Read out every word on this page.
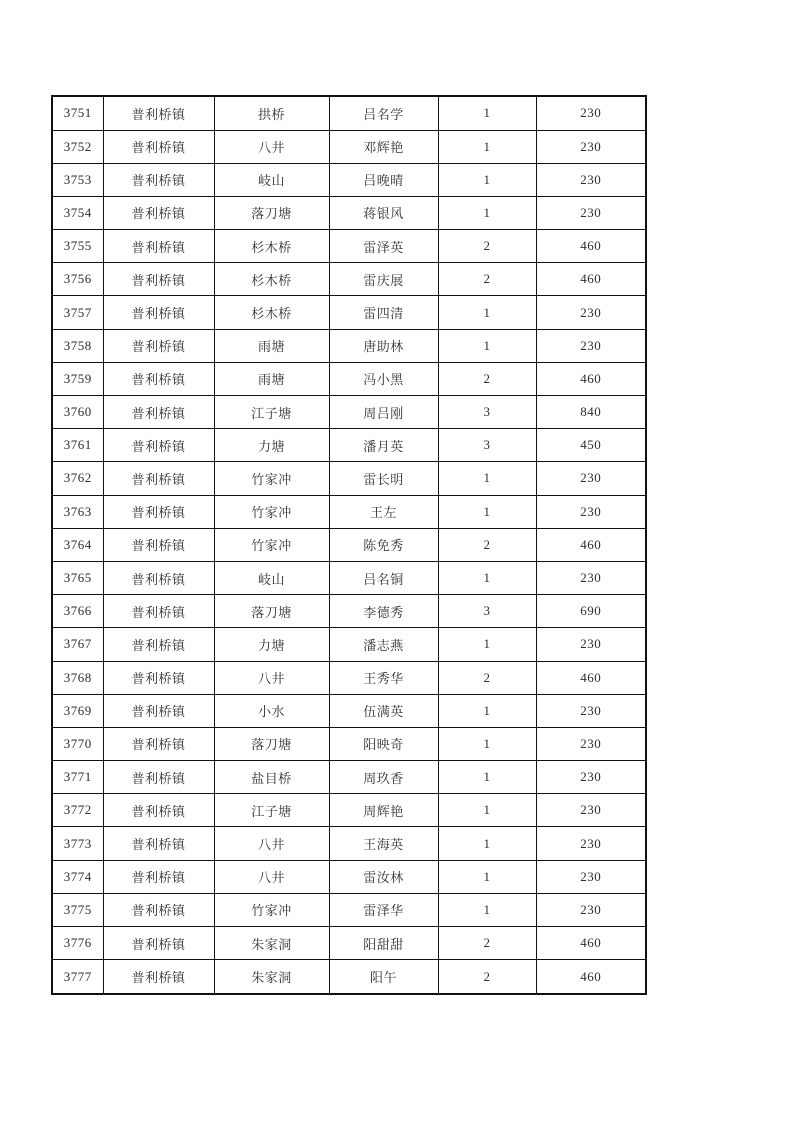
3751	普利桥镇	拱桥	吕名学	1	230
3752	普利桥镇	八井	邓辉艳	1	230
3753	普利桥镇	岐山	吕晚晴	1	230
3754	普利桥镇	落刀塘	蒋银风	1	230
3755	普利桥镇	杉木桥	雷泽英	2	460
3756	普利桥镇	杉木桥	雷庆展	2	460
3757	普利桥镇	杉木桥	雷四清	1	230
3758	普利桥镇	雨塘	唐助林	1	230
3759	普利桥镇	雨塘	冯小黑	2	460
3760	普利桥镇	江子塘	周吕刚	3	840
3761	普利桥镇	力塘	潘月英	3	450
3762	普利桥镇	竹家冲	雷长明	1	230
3763	普利桥镇	竹家冲	王左	1	230
3764	普利桥镇	竹家冲	陈免秀	2	460
3765	普利桥镇	岐山	吕名铜	1	230
3766	普利桥镇	落刀塘	李德秀	3	690
3767	普利桥镇	力塘	潘志燕	1	230
3768	普利桥镇	八井	王秀华	2	460
3769	普利桥镇	小水	伍满英	1	230
3770	普利桥镇	落刀塘	阳映奇	1	230
3771	普利桥镇	盐目桥	周玖香	1	230
3772	普利桥镇	江子塘	周辉艳	1	230
3773	普利桥镇	八井	王海英	1	230
3774	普利桥镇	八井	雷汝林	1	230
3775	普利桥镇	竹家冲	雷泽华	1	230
3776	普利桥镇	朱家洞	阳甜甜	2	460
3777	普利桥镇	朱家洞	阳午	2	460
